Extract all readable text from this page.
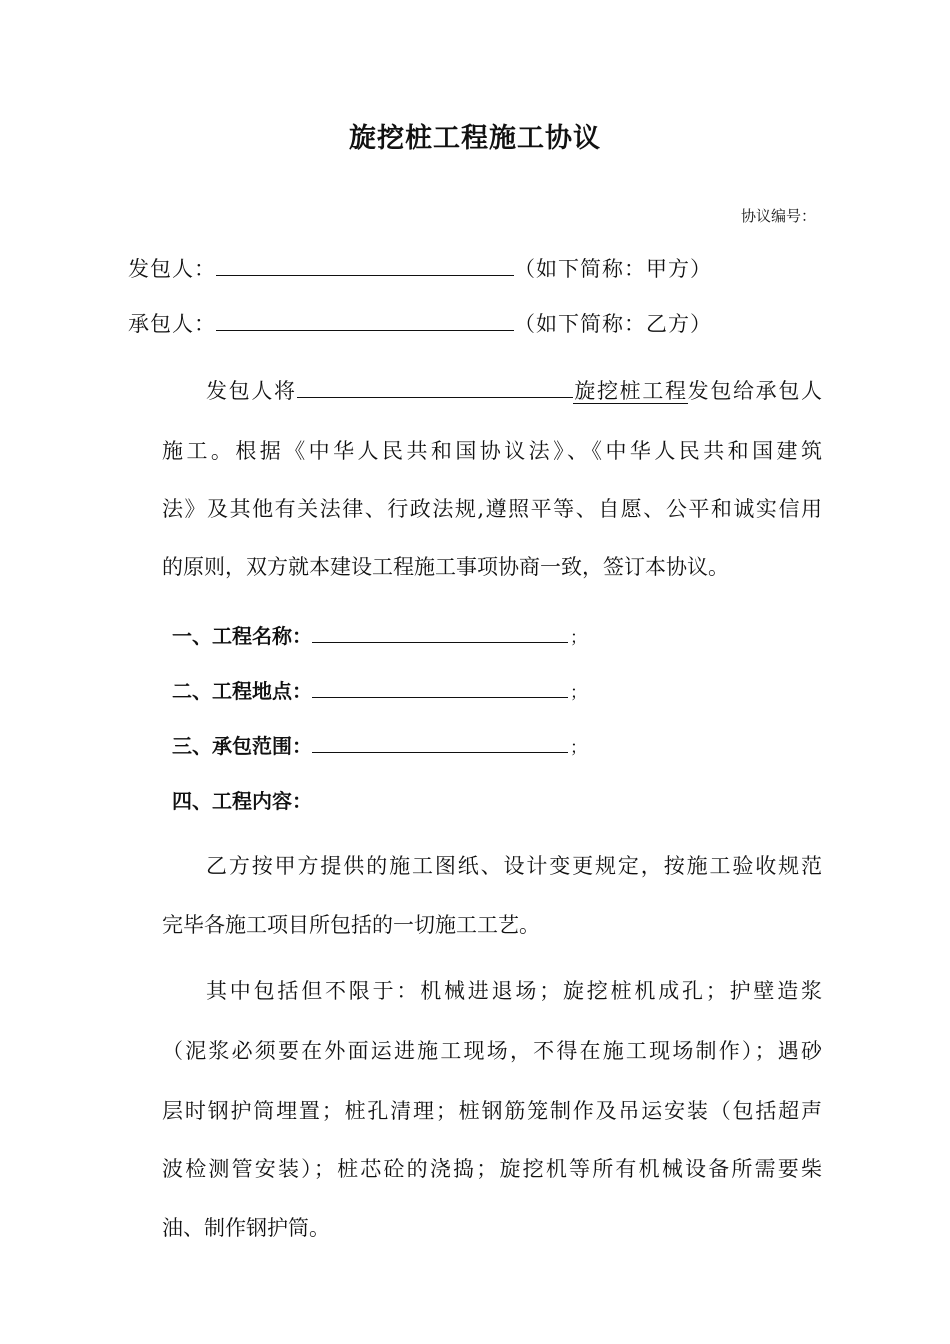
旋挖桩工程施工协议
协议编号：
发包人：	（如下简称：甲方）
承包人：	（如下简称：乙方）
发包人将	旋挖桩工程发包给承包人
施工。根据《中华人民共和国协议法》、《中华人民共和国建筑
法》及其他有关法律、行政法规,遵照平等、自愿、公平和诚实信用
的原则，双方就本建设工程施工事项协商一致，签订本协议。
一、工程名称：	；
二、工程地点：	；
三、承包范围：	；
四、工程内容：
乙方按甲方提供的施工图纸、设计变更规定，按施工验收规范
完毕各施工项目所包括的一切施工工艺。
其中包括但不限于：机械进退场；旋挖桩机成孔；护壁造浆
（泥浆必须要在外面运进施工现场，不得在施工现场制作）；遇砂
层时钢护筒埋置；桩孔清理；桩钢筋笼制作及吊运安装（包括超声
波检测管安装）；桩芯砼的浇捣；旋挖机等所有机械设备所需要柴
油、制作钢护筒。
